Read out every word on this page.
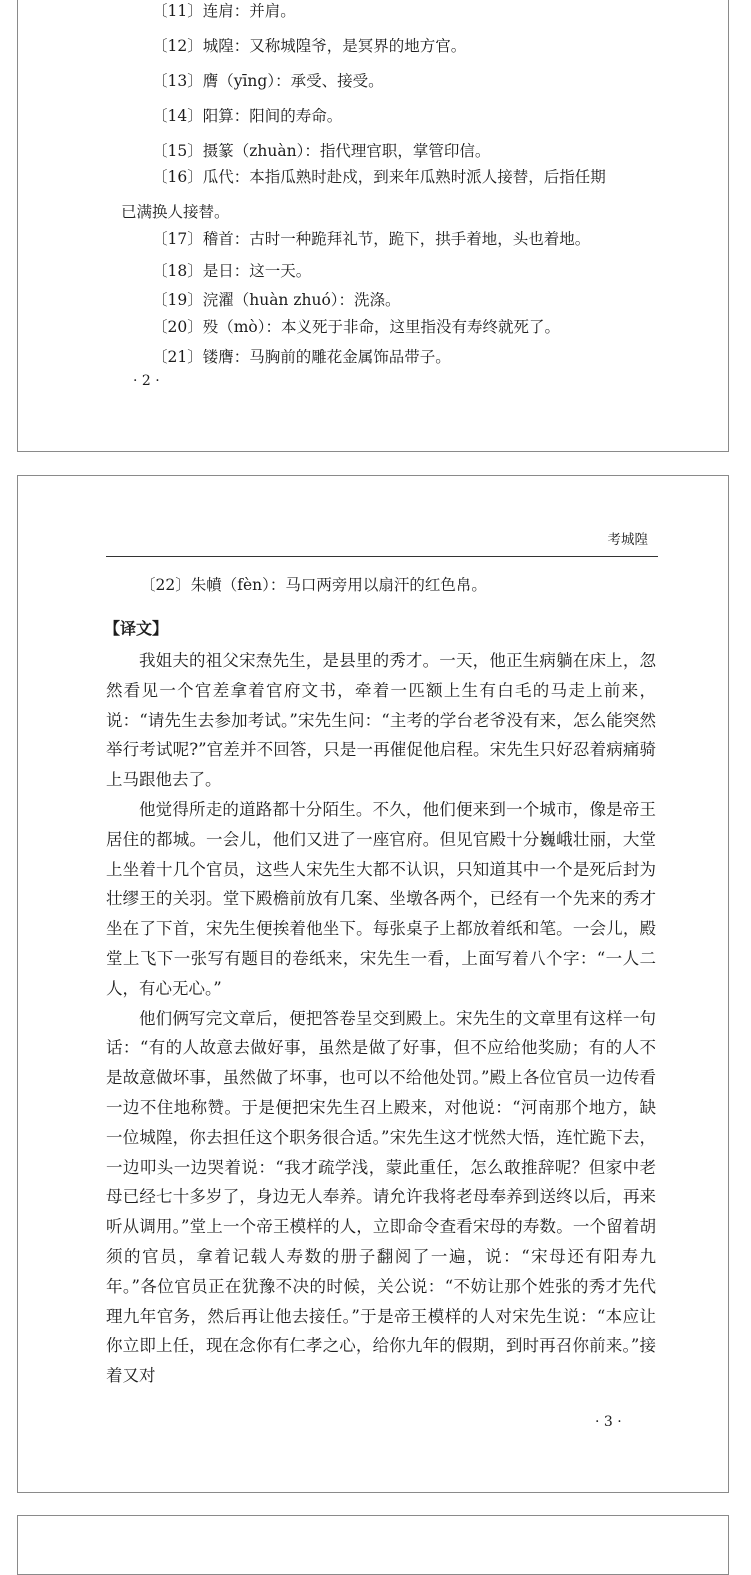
〔11〕连肩：并肩。
〔12〕城隍：又称城隍爷，是冥界的地方官。
〔13〕膺（yīng）：承受、接受。
〔14〕阳算：阳间的寿命。
〔15〕摄篆（zhuàn）：指代理官职，掌管印信。
〔16〕瓜代：本指瓜熟时赴戍，到来年瓜熟时派人接替，后指任期
已满换人接替。
〔17〕稽首：古时一种跪拜礼节，跪下，拱手着地，头也着地。
〔18〕是日：这一天。
〔19〕浣濯（huàn zhuó）：洗涤。
〔20〕殁（mò）：本义死于非命，这里指没有寿终就死了。
〔21〕镂膺：马胸前的雕花金属饰品带子。
· 2 ·
考城隍
〔22〕朱幩（fèn）：马口两旁用以扇汗的红色帛。
【译文】

我姐夫的祖父宋焘先生，是县里的秀才。一天，他正生病躺在床上，忽然看见一个官差拿着官府文书，牵着一匹额上生有白毛的马走上前来，说：“请先生去参加考试。”宋先生问：“主考的学台老爷没有来，怎么能突然举行考试呢?”官差并不回答，只是一再催促他启程。宋先生只好忍着病痛骑上马跟他去了。

他觉得所走的道路都十分陌生。不久，他们便来到一个城市，像是帝王居住的都城。一会儿，他们又进了一座官府。但见官殿十分巍峨壮丽，大堂上坐着十几个官员，这些人宋先生大都不认识，只知道其中一个是死后封为壮缪王的关羽。堂下殿檐前放有几案、坐墩各两个，已经有一个先来的秀才坐在了下首，宋先生便挨着他坐下。每张桌子上都放着纸和笔。一会儿，殿堂上飞下一张写有题目的卷纸来，宋先生一看，上面写着八个字：“一人二人，有心无心。”

他们俩写完文章后，便把答卷呈交到殿上。宋先生的文章里有这样一句话：“有的人故意去做好事，虽然是做了好事，但不应给他奖励；有的人不是故意做坏事，虽然做了坏事，也可以不给他处罚。”殿上各位官员一边传看一边不住地称赞。于是便把宋先生召上殿来，对他说：“河南那个地方，缺一位城隍，你去担任这个职务很合适。”宋先生这才恍然大悟，连忙跪下去，一边叩头一边哭着说：“我才疏学浅，蒙此重任，怎么敢推辞呢？但家中老母已经七十多岁了，身边无人奉养。请允许我将老母奉养到送终以后，再来听从调用。”堂上一个帝王模样的人，立即命令查看宋母的寿数。一个留着胡须的官员，拿着记载人寿数的册子翻阅了一遍，说：“宋母还有阳寿九年。”各位官员正在犹豫不决的时候，关公说：“不妨让那个姓张的秀才先代理九年官务，然后再让他去接任。”于是帝王模样的人对宋先生说：“本应让你立即上任，现在念你有仁孝之心，给你九年的假期，到时再召你前来。”接着又对

· 3 ·
